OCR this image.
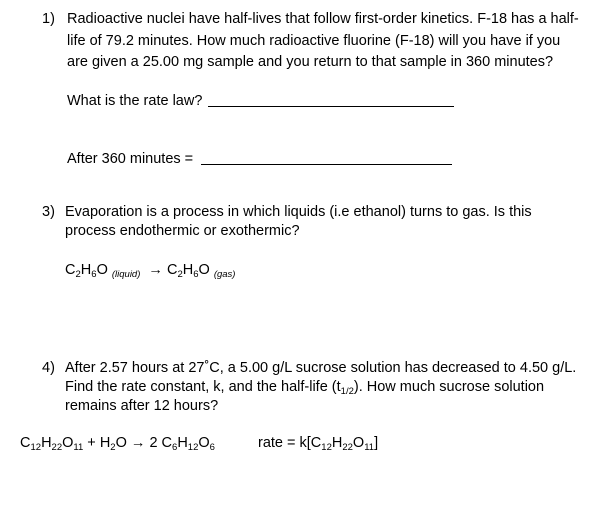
1) Radioactive nuclei have half-lives that follow first-order kinetics. F-18 has a half-
life of 79.2 minutes. How much radioactive fluorine (F-18) will you have if you
are given a 25.00 mg sample and you return to that sample in 360 minutes?
What is the rate law?
After 360 minutes =
3) Evaporation is a process in which liquids (i.e ethanol) turns to gas. Is this
process endothermic or exothermic?
$C_2H_6O$ $_{(liquid)} \to C_2H_6O$ $_{(gas)}$
4) After 2.57 hours at 27˚C, a 5.00 g/L sucrose solution has decreased to 4.50 g/L.
Find the rate constant, k, and the half-life $(t_{1/2})$. How much sucrose solution
remains after 12 hours?
$C_{12}H_{22}O_{11} + H_2O \to 2$ $C_6H_{12}O_6$	rate = $k[C_{12}H_{22}O_{11}]$
